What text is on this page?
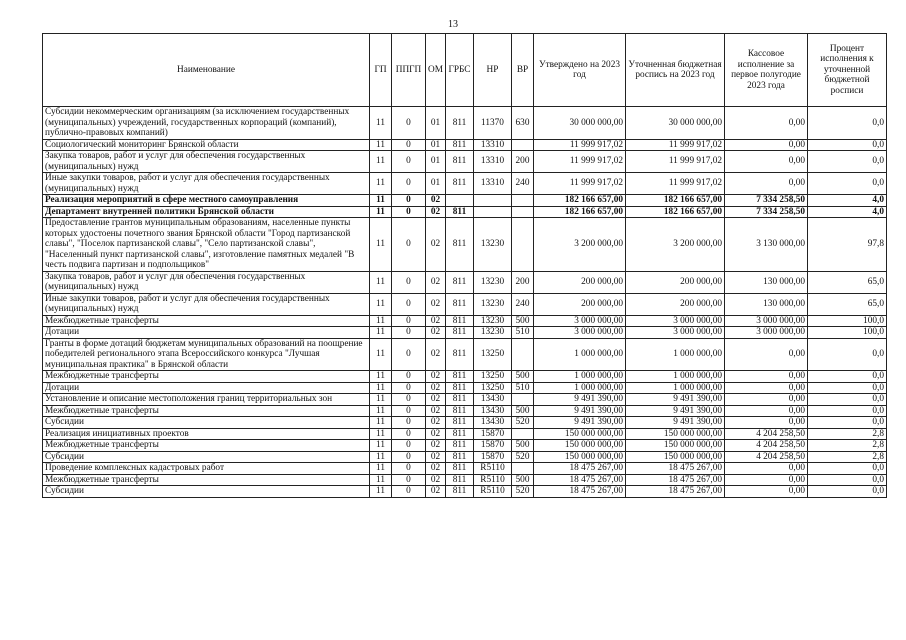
13
Наименование	ГП	ППГП	ОМ	ГРБС	НР	ВР	Утверждено на 2023 год	Уточненная бюджетная роспись на 2023 год	Кассовое исполнение за первое полугодие 2023 года	Процент исполнения к уточненной бюджетной росписи
Субсидии некоммерческим организациям (за исключением государственных (муниципальных) учреждений, государственных корпораций (компаний), публично-правовых компаний)	11	0	01	811	11370	630	30 000 000,00	30 000 000,00	0,00	0,0
Социологический мониторинг Брянской области	11	0	01	811	13310		11 999 917,02	11 999 917,02	0,00	0,0
Закупка товаров, работ и услуг для обеспечения государственных (муниципальных) нужд	11	0	01	811	13310	200	11 999 917,02	11 999 917,02	0,00	0,0
Иные закупки товаров, работ и услуг для обеспечения государственных (муниципальных) нужд	11	0	01	811	13310	240	11 999 917,02	11 999 917,02	0,00	0,0
Реализация мероприятий в сфере местного самоуправления	11	0	02				182 166 657,00	182 166 657,00	7 334 258,50	4,0
Департамент внутренней политики Брянской области	11	0	02	811			182 166 657,00	182 166 657,00	7 334 258,50	4,0
Предоставление грантов муниципальным образованиям, населенные пункты которых удостоены почетного звания Брянской области "Город партизанской славы", "Поселок партизанской славы", "Село партизанской славы", "Населенный пункт партизанской славы", изготовление памятных медалей "В честь подвига партизан и подпольщиков"	11	0	02	811	13230		3 200 000,00	3 200 000,00	3 130 000,00	97,8
Закупка товаров, работ и услуг для обеспечения государственных (муниципальных) нужд	11	0	02	811	13230	200	200 000,00	200 000,00	130 000,00	65,0
Иные закупки товаров, работ и услуг для обеспечения государственных (муниципальных) нужд	11	0	02	811	13230	240	200 000,00	200 000,00	130 000,00	65,0
Межбюджетные трансферты	11	0	02	811	13230	500	3 000 000,00	3 000 000,00	3 000 000,00	100,0
Дотации	11	0	02	811	13230	510	3 000 000,00	3 000 000,00	3 000 000,00	100,0
Гранты в форме дотаций бюджетам муниципальных образований на поощрение победителей регионального этапа Всероссийского конкурса "Лучшая муниципальная практика" в Брянской области	11	0	02	811	13250		1 000 000,00	1 000 000,00	0,00	0,0
Межбюджетные трансферты	11	0	02	811	13250	500	1 000 000,00	1 000 000,00	0,00	0,0
Дотации	11	0	02	811	13250	510	1 000 000,00	1 000 000,00	0,00	0,0
Установление и описание местоположения границ территориальных зон	11	0	02	811	13430		9 491 390,00	9 491 390,00	0,00	0,0
Межбюджетные трансферты	11	0	02	811	13430	500	9 491 390,00	9 491 390,00	0,00	0,0
Субсидии	11	0	02	811	13430	520	9 491 390,00	9 491 390,00	0,00	0,0
Реализация инициативных проектов	11	0	02	811	15870		150 000 000,00	150 000 000,00	4 204 258,50	2,8
Межбюджетные трансферты	11	0	02	811	15870	500	150 000 000,00	150 000 000,00	4 204 258,50	2,8
Субсидии	11	0	02	811	15870	520	150 000 000,00	150 000 000,00	4 204 258,50	2,8
Проведение комплексных кадастровых работ	11	0	02	811	R5110		18 475 267,00	18 475 267,00	0,00	0,0
Межбюджетные трансферты	11	0	02	811	R5110	500	18 475 267,00	18 475 267,00	0,00	0,0
Субсидии	11	0	02	811	R5110	520	18 475 267,00	18 475 267,00	0,00	0,0
